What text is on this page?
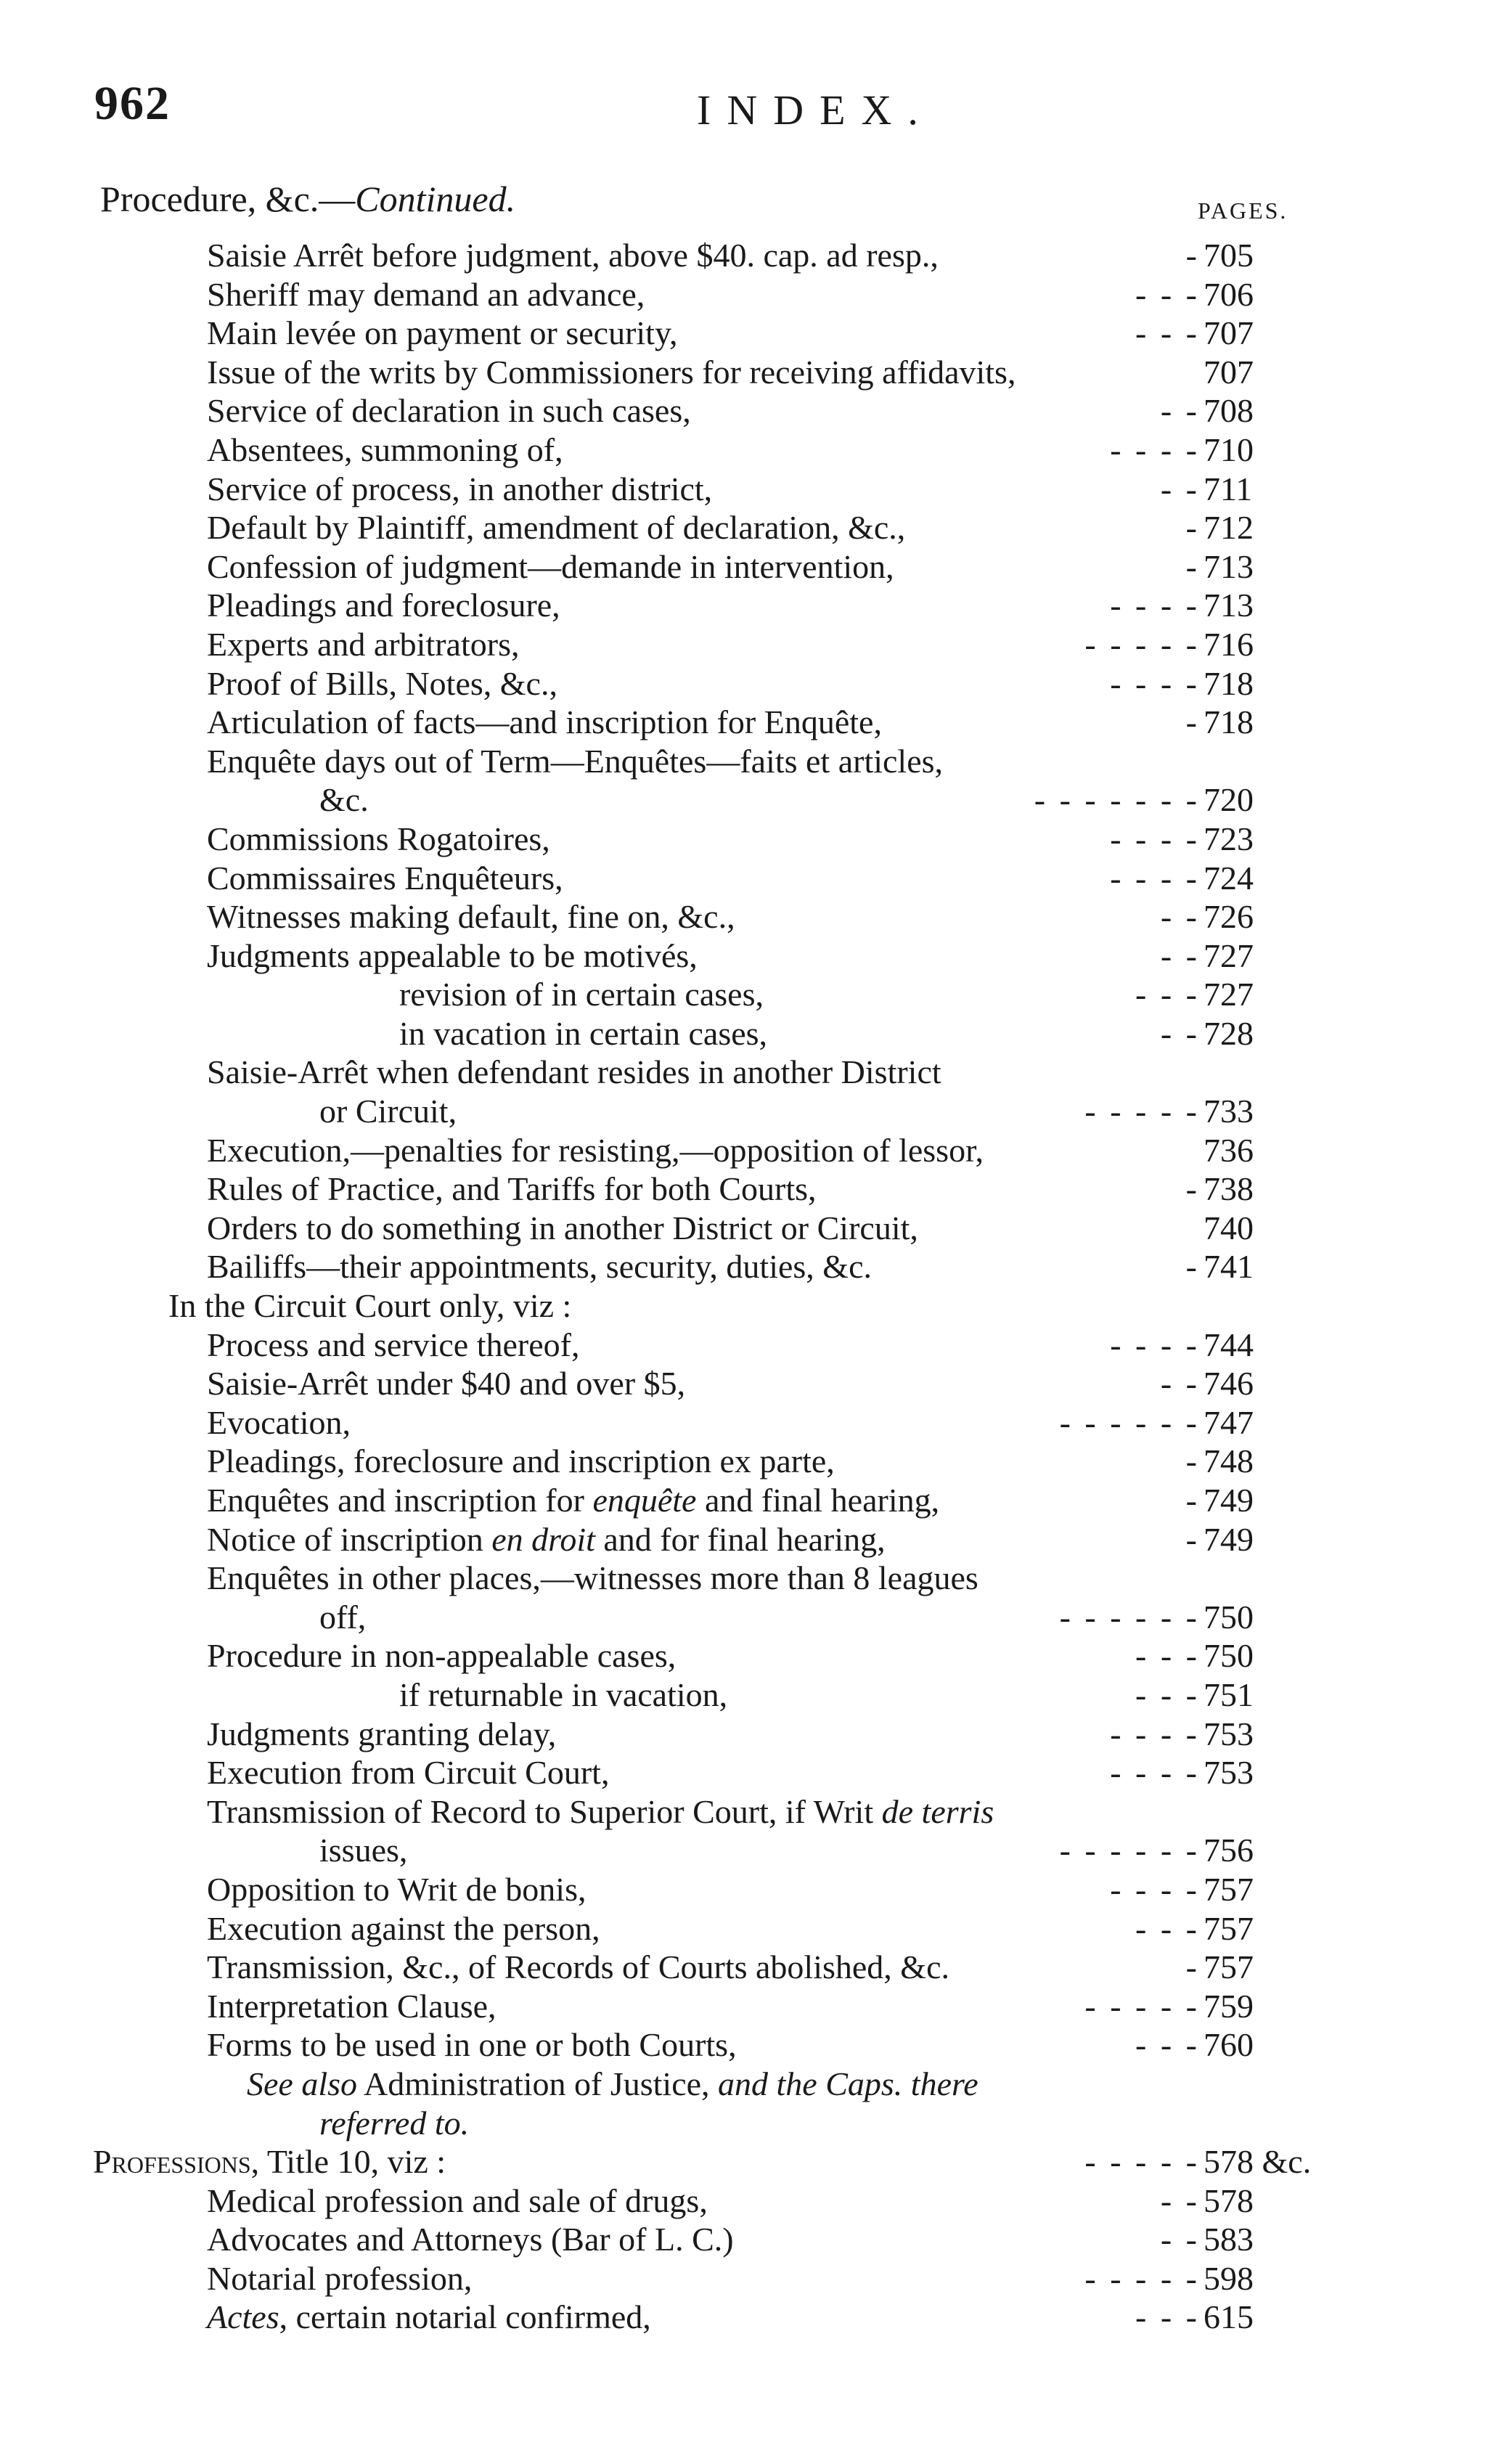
962	INDEX.
Procedure, &c.—Continued.	PAGES.
Saisie Arrêt before judgment, above $40. cap. ad resp.,	- 705
Sheriff may demand an advance,	- - - 706
Main levée on payment or security,	- - - 707
Issue of the writs by Commissioners for receiving affidavits,	707
Service of declaration in such cases,	- - 708
Absentees, summoning of,	- - - - 710
Service of process, in another district,	- - 711
Default by Plaintiff, amendment of declaration, &c.,	- 712
Confession of judgment—demande in intervention,	- 713
Pleadings and foreclosure,	- - - - 713
Experts and arbitrators,	- - - - - 716
Proof of Bills, Notes, &c.,	- - - - 718
Articulation of facts—and inscription for Enquête,	- 718
Enquête days out of Term—Enquêtes—faits et articles,
&c.	- - - - - - - 720
Commissions Rogatoires,	- - - - 723
Commissaires Enquêteurs,	- - - - 724
Witnesses making default, fine on, &c.,	- - 726
Judgments appealable to be motivés,	- - 727
revision of in certain cases,	- - - 727
in vacation in certain cases,	- - 728
Saisie-Arrêt when defendant resides in another District
or Circuit,	- - - - - 733
Execution,—penalties for resisting,—opposition of lessor,	736
Rules of Practice, and Tariffs for both Courts,	- 738
Orders to do something in another District or Circuit,	740
Bailiffs—their appointments, security, duties, &c.	- 741
In the Circuit Court only, viz :
Process and service thereof,	- - - - 744
Saisie-Arrêt under $40 and over $5,	- - 746
Evocation,	- - - - - - 747
Pleadings, foreclosure and inscription ex parte,	- 748
Enquêtes and inscription for enquête and final hearing,	- 749
Notice of inscription en droit and for final hearing,	- 749
Enquêtes in other places,—witnesses more than 8 leagues
off,	- - - - - - 750
Procedure in non-appealable cases,	- - - 750
if returnable in vacation,	- - - 751
Judgments granting delay,	- - - - 753
Execution from Circuit Court,	- - - - 753
Transmission of Record to Superior Court, if Writ de terris
issues,	- - - - - - 756
Opposition to Writ de bonis,	- - - - 757
Execution against the person,	- - - 757
Transmission, &c., of Records of Courts abolished, &c.	- 757
Interpretation Clause,	- - - - - 759
Forms to be used in one or both Courts,	- - - 760
See also Administration of Justice, and the Caps. there
referred to.
Professions, Title 10, viz :	- - - - - 578 &c.
Medical profession and sale of drugs,	- - 578
Advocates and Attorneys (Bar of L. C.)	- - 583
Notarial profession,	- - - - - 598
Actes, certain notarial confirmed,	- - - 615
